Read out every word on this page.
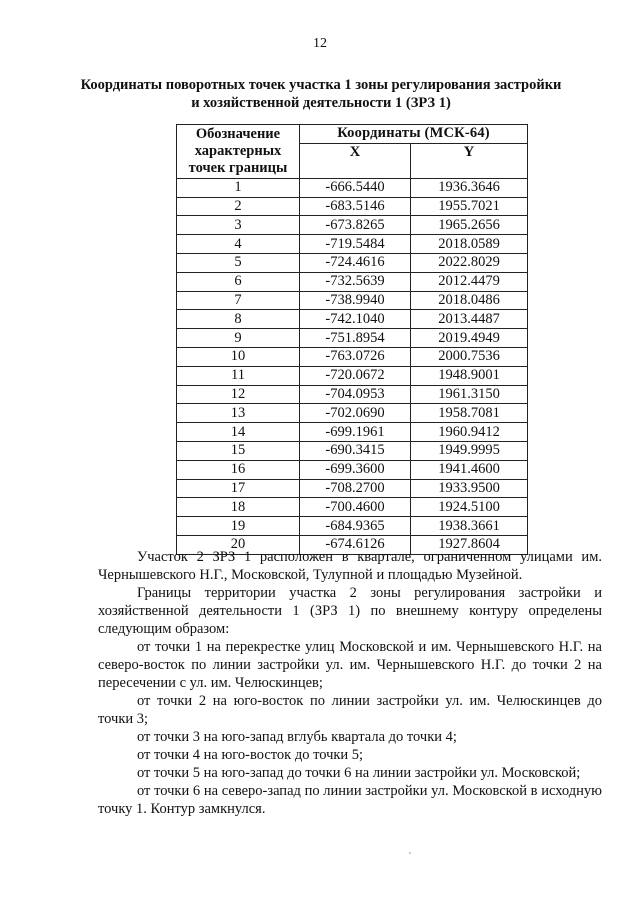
12
Координаты поворотных точек участка 1 зоны регулирования застройки
и хозяйственной деятельности 1 (ЗРЗ 1)
Обозначение характерных точек границы	Координаты (МСК-64)	
	X	Y
1	-666.5440	1936.3646
2	-683.5146	1955.7021
3	-673.8265	1965.2656
4	-719.5484	2018.0589
5	-724.4616	2022.8029
6	-732.5639	2012.4479
7	-738.9940	2018.0486
8	-742.1040	2013.4487
9	-751.8954	2019.4949
10	-763.0726	2000.7536
11	-720.0672	1948.9001
12	-704.0953	1961.3150
13	-702.0690	1958.7081
14	-699.1961	1960.9412
15	-690.3415	1949.9995
16	-699.3600	1941.4600
17	-708.2700	1933.9500
18	-700.4600	1924.5100
19	-684.9365	1938.3661
20	-674.6126	1927.8604

Участок 2 ЗРЗ 1 расположен в квартале, ограниченном улицами им. Чернышевского Н.Г., Московской, Тулупной и площадью Музейной.

Границы территории участка 2 зоны регулирования застройки и хозяйственной деятельности 1 (ЗРЗ 1) по внешнему контуру определены следующим образом:

от точки 1 на перекрестке улиц Московской и им. Чернышевского Н.Г. на северо-восток по линии застройки ул. им. Чернышевского Н.Г. до точки 2 на пересечении с ул. им. Челюскинцев;

от точки 2 на юго-восток по линии застройки ул. им. Челюскинцев до точки 3;

от точки 3 на юго-запад вглубь квартала до точки 4;

от точки 4 на юго-восток до точки 5;

от точки 5 на юго-запад до точки 6 на линии застройки ул. Московской;

от точки 6 на северо-запад по линии застройки ул. Московской в исходную точку 1. Контур замкнулся.
